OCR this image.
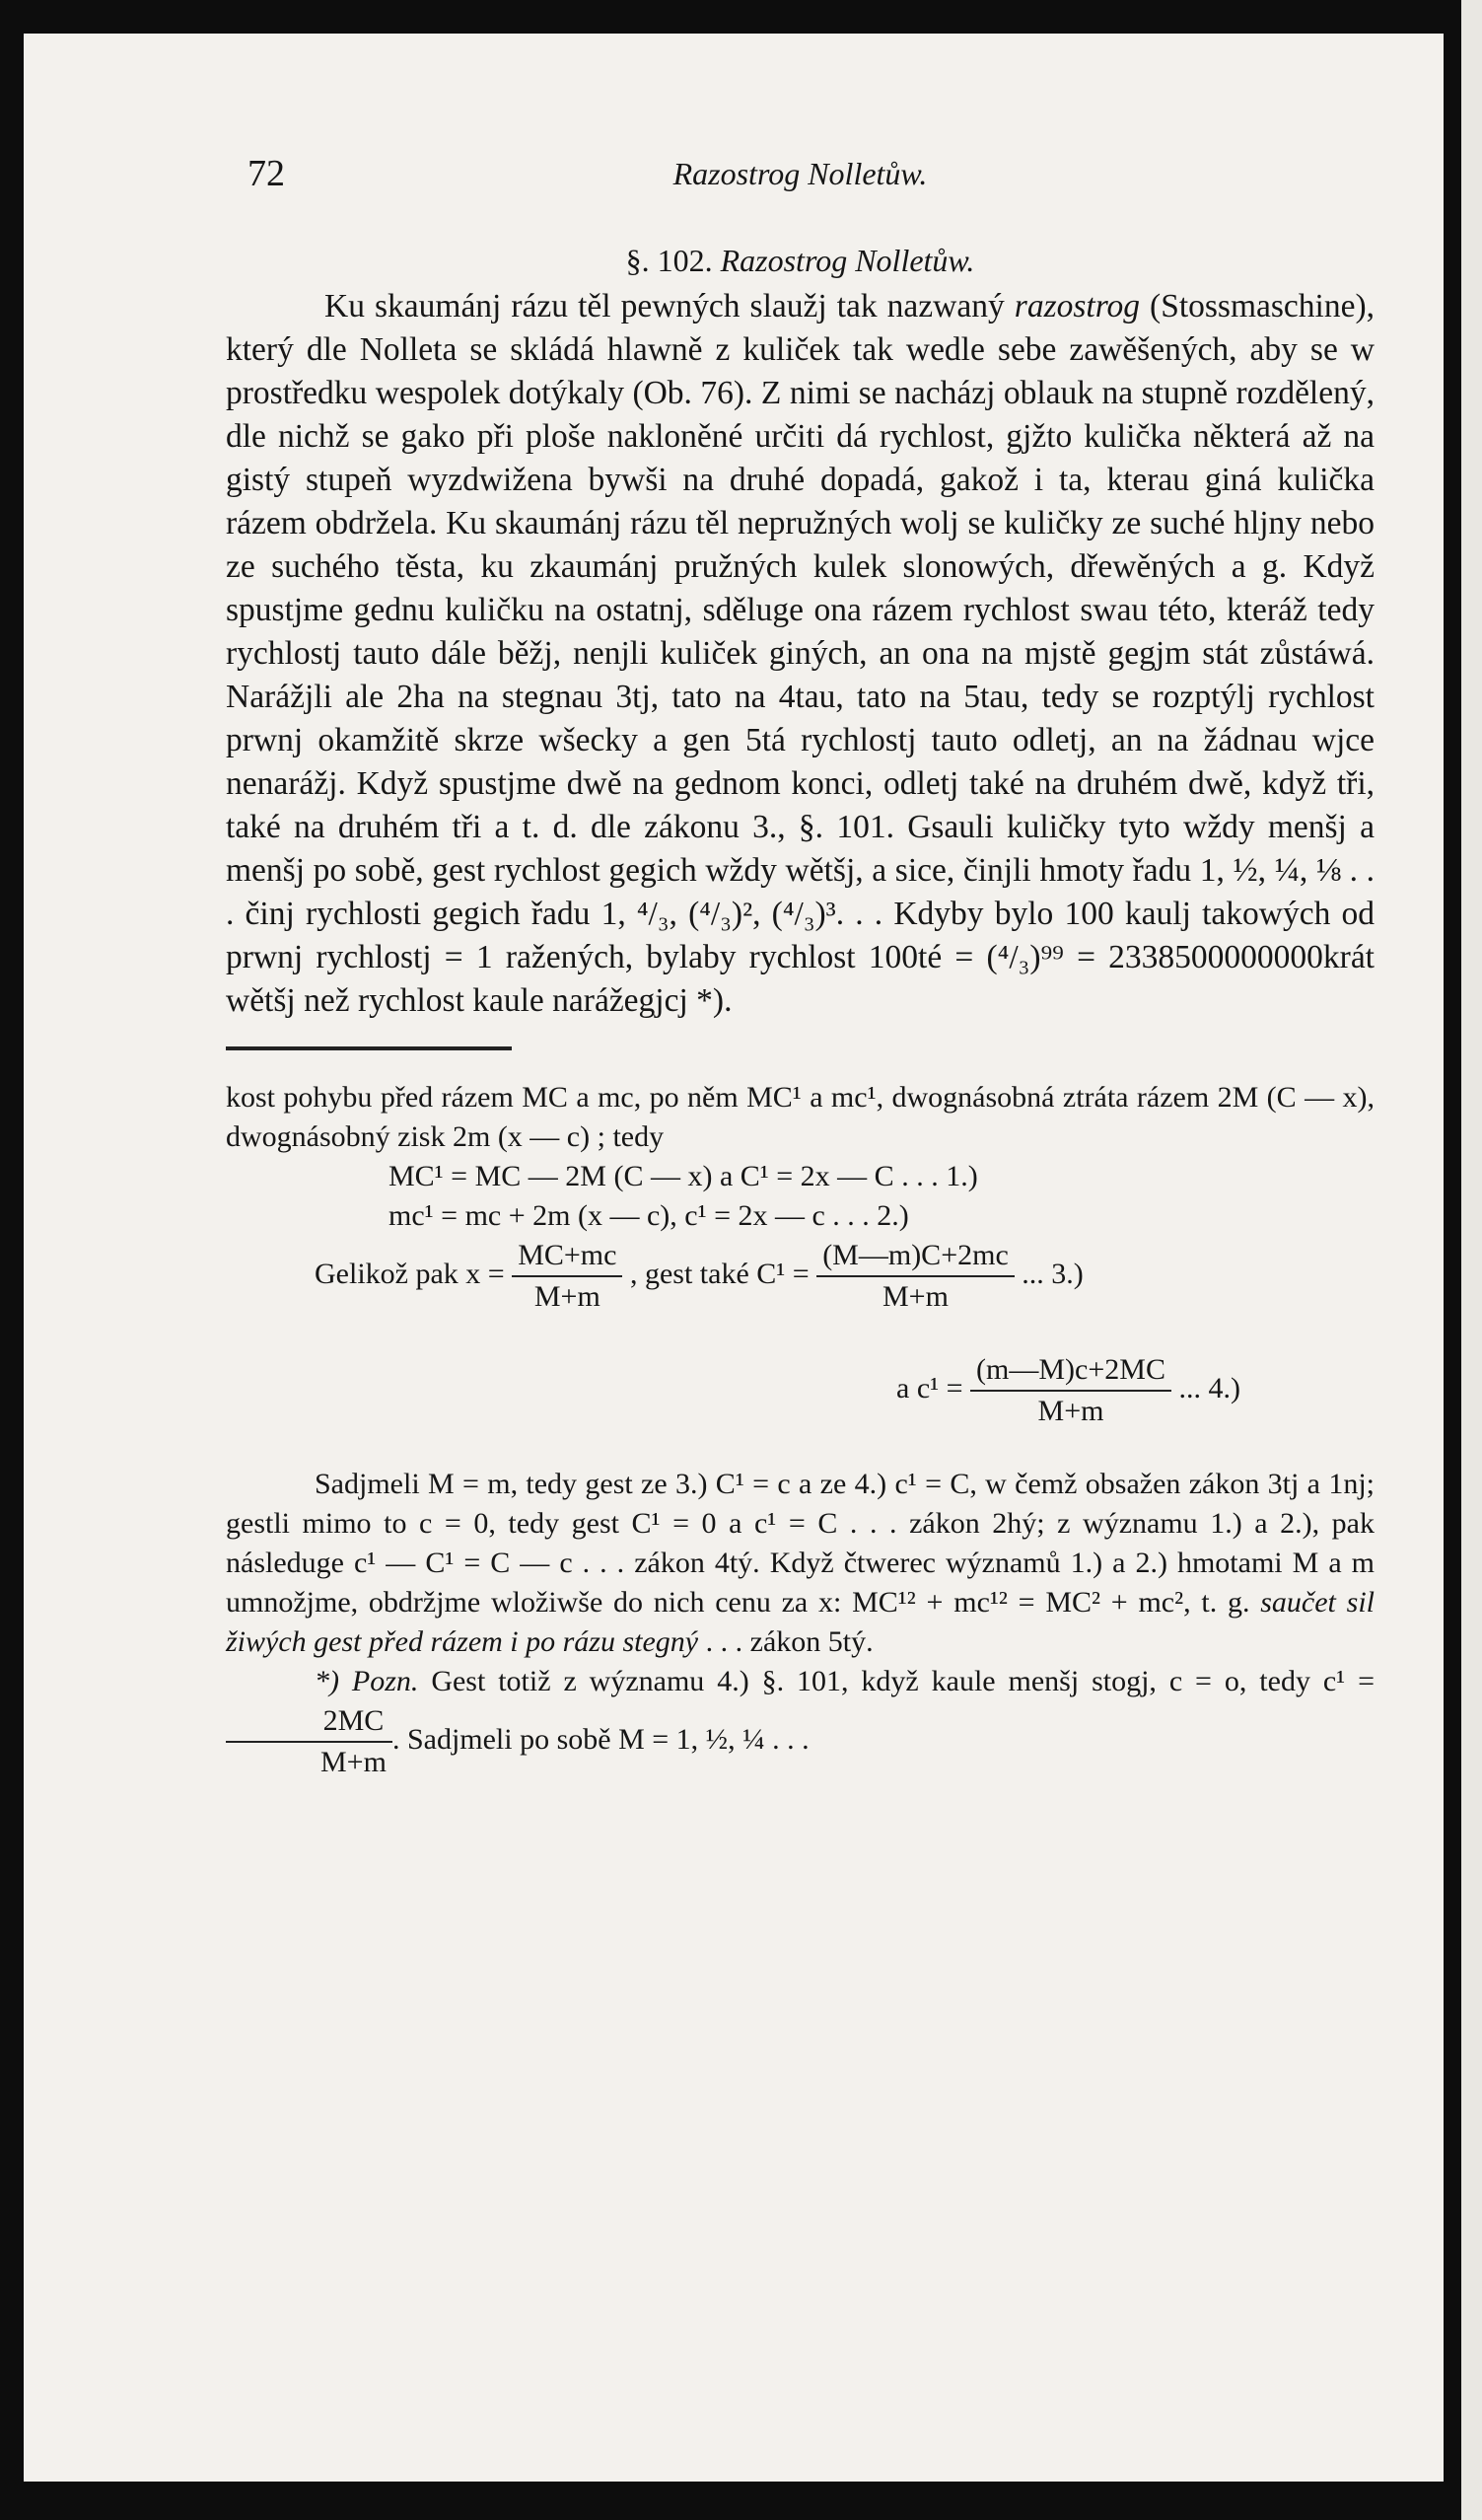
72	Razostrog Nolletůw.
§. 102. Razostrog Nolletůw.

Ku skaumánj rázu těl pewných slaužj tak nazwaný razostrog (Stossmaschine), který dle Nolleta se skládá hlawně z kuliček tak wedle sebe zawěšených, aby se w prostředku wespolek dotýkaly (Ob. 76). Z nimi se nacházj oblauk na stupně rozdělený, dle nichž se gako při ploše nakloněné určiti dá rychlost, gjžto kulička některá až na gistý stupeň wyzdwižena bywši na druhé dopadá, gakož i ta, kterau giná kulička rázem obdržela. Ku skaumánj rázu těl nepružných wolj se kuličky ze suché hljny nebo ze suchého těsta, ku zkaumánj pružných kulek slonowých, dřewěných a g. Když spustjme gednu kuličku na ostatnj, sděluge ona rázem rychlost swau této, kteráž tedy rychlostj tauto dále běžj, nenjli kuliček giných, an ona na mjstě gegjm stát zůstáwá. Narážjli ale 2ha na stegnau 3tj, tato na 4tau, tato na 5tau, tedy se rozptýlj rychlost prwnj okamžitě skrze wšecky a gen 5tá rychlostj tauto odletj, an na žádnau wjce nenarážj. Když spustjme dwě na gednom konci, odletj také na druhém dwě, když tři, také na druhém tři a t. d. dle zákonu 3., §. 101. Gsauli kuličky tyto wždy menšj a menšj po sobě, gest rychlost gegich wždy wětšj, a sice, činjli hmoty řadu 1, ½, ¼, ⅛ . . . činj rychlosti gegich řadu 1, ⁴/₃, (⁴/₃)², (⁴/₃)³. . . Kdyby bylo 100 kaulj takowých od prwnj rychlostj = 1 ražených, bylaby rychlost 100té = (⁴/₃)⁹⁹ = 2338500000000krát wětšj než rychlost kaule narážegjcj *).

kost pohybu před rázem MC a mc, po něm MC¹ a mc¹, dwognásobná ztráta rázem 2M (C — x), dwognásobný zisk 2m (x — c) ; tedy

MC¹ = MC — 2M (C — x) a C¹ = 2x — C . . . 1.)

mc¹ = mc + 2m (x — c), c¹ = 2x — c . . . 2.)

Gelikož pak $x = \frac{MC+mc}{M+m}$ , gest také $C^1 = \frac{(M—m)C+2mc}{M+m}$ ... 3.)
a $c^1 = \frac{(m—M)c+2MC}{M+m}$ ... 4.)

Sadjmeli M = m, tedy gest ze 3.) C¹ = c a ze 4.) c¹ = C, w čemž obsažen zákon 3tj a 1nj; gestli mimo to c = 0, tedy gest C¹ = 0 a c¹ = C . . . zákon 2hý; z wýznamu 1.) a 2.), pak následuge c¹ — C¹ = C — c . . . zákon 4tý. Když čtwerec wýznamů 1.) a 2.) hmotami M a m umnožjme, obdržjme wložiwše do nich cenu za x: MC¹² + mc¹² = MC² + mc², t. g. saučet sil žiwých gest před rázem i po rázu stegný . . . zákon 5tý.

*) Pozn. Gest totiž z wýznamu 4.) §. 101, když kaule menšj stogj, c = o, tedy c¹ =
$\frac{2MC}{M+m}$ . Sadjmeli po sobě M = 1, ½, ¼ . . .
